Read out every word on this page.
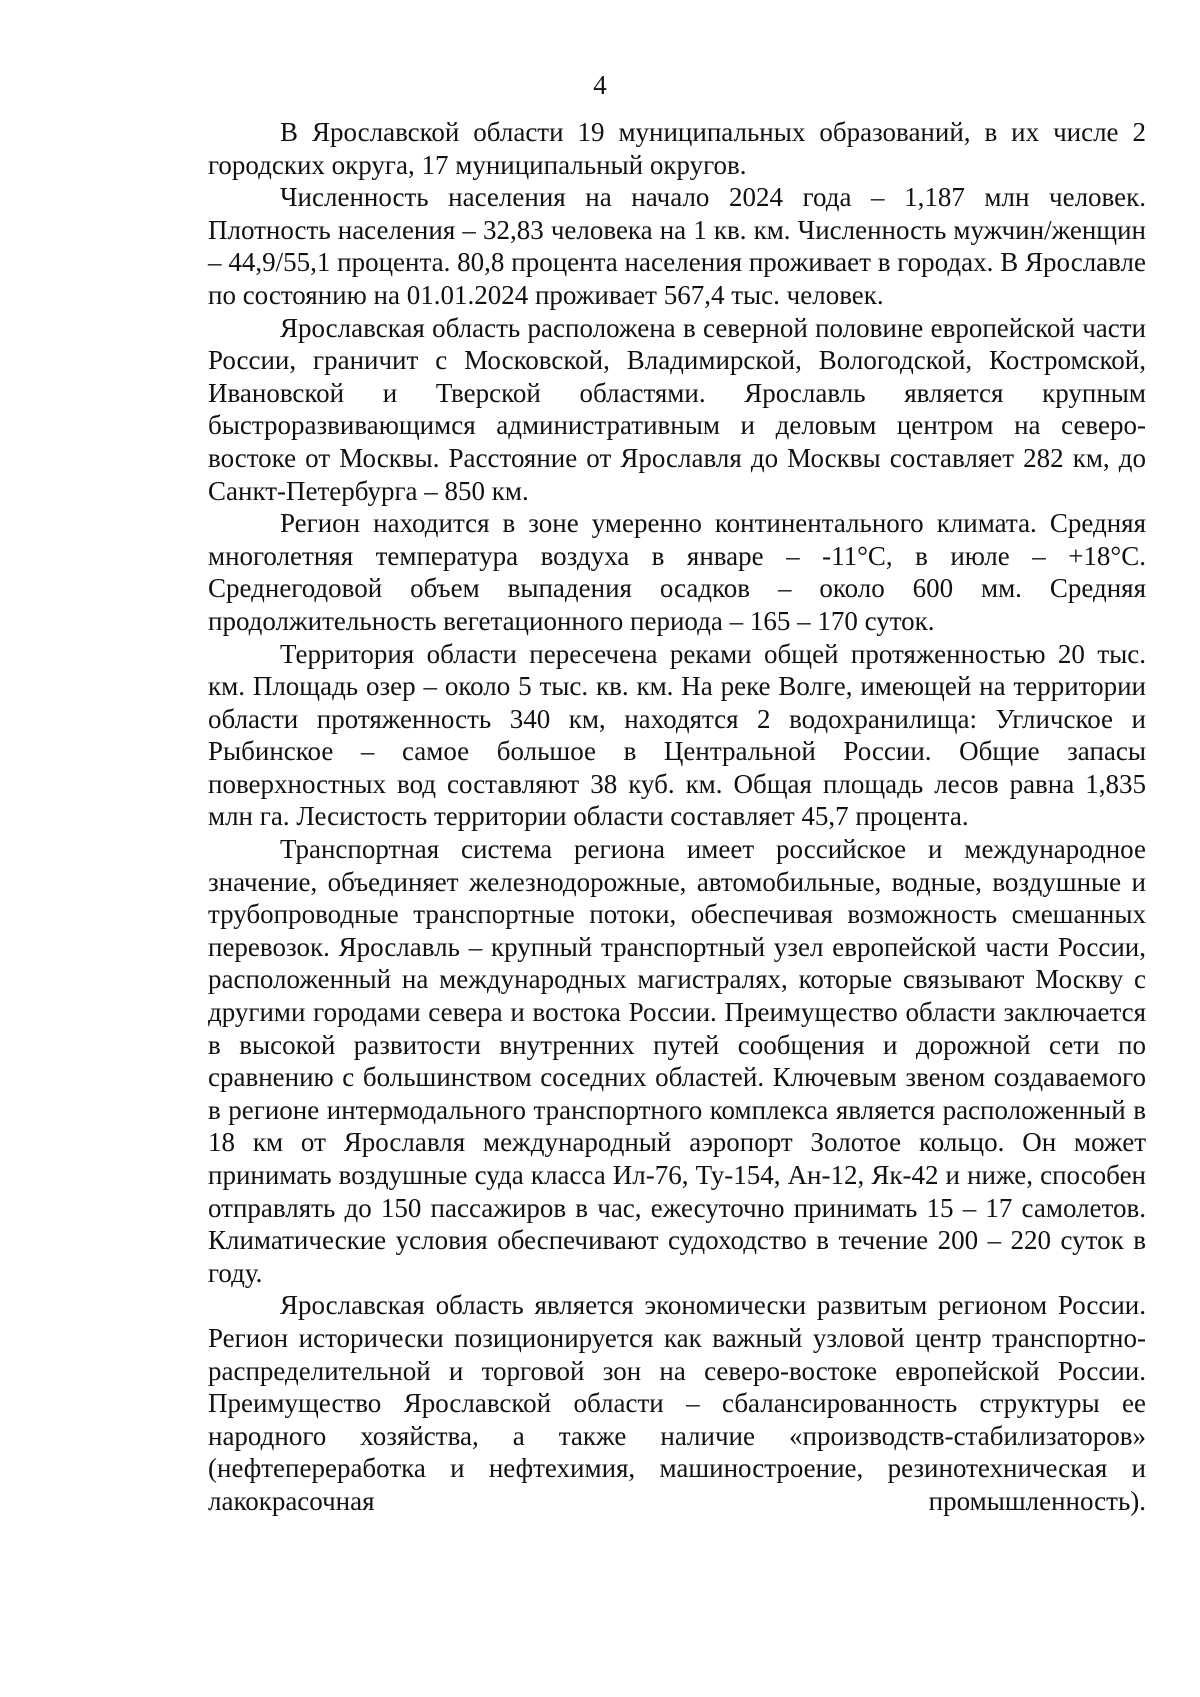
4

В Ярославской области 19 муниципальных образований, в их числе 2 городских округа, 17 муниципальный округов.

Численность населения на начало 2024 года – 1,187 млн человек. Плотность населения – 32,83 человека на 1 кв. км. Численность мужчин/женщин – 44,9/55,1 процента. 80,8 процента населения проживает в городах. В Ярославле по состоянию на 01.01.2024 проживает 567,4 тыс. человек.

Ярославская область расположена в северной половине европейской части России, граничит с Московской, Владимирской, Вологодской, Костромской, Ивановской и Тверской областями. Ярославль является крупным быстроразвивающимся административным и деловым центром на северо-востоке от Москвы. Расстояние от Ярославля до Москвы составляет 282 км, до Санкт-Петербурга – 850 км.

Регион находится в зоне умеренно континентального климата. Средняя многолетняя температура воздуха в январе – -11°С, в июле – +18°С. Среднегодовой объем выпадения осадков – около 600 мм. Средняя продолжительность вегетационного периода – 165 – 170 суток.

Территория области пересечена реками общей протяженностью 20 тыс. км. Площадь озер – около 5 тыс. кв. км. На реке Волге, имеющей на территории области протяженность 340 км, находятся 2 водохранилища: Угличское и Рыбинское – самое большое в Центральной России. Общие запасы поверхностных вод составляют 38 куб. км. Общая площадь лесов равна 1,835 млн га. Лесистость территории области составляет 45,7 процента.

Транспортная система региона имеет российское и международное значение, объединяет железнодорожные, автомобильные, водные, воздушные и трубопроводные транспортные потоки, обеспечивая возможность смешанных перевозок. Ярославль – крупный транспортный узел европейской части России, расположенный на международных магистралях, которые связывают Москву с другими городами севера и востока России. Преимущество области заключается в высокой развитости внутренних путей сообщения и дорожной сети по сравнению с большинством соседних областей. Ключевым звеном создаваемого в регионе интермодального транспортного комплекса является расположенный в 18 км от Ярославля международный аэропорт Золотое кольцо. Он может принимать воздушные суда класса Ил-76, Ту-154, Ан-12, Як-42 и ниже, способен отправлять до 150 пассажиров в час, ежесуточно принимать 15 – 17 самолетов. Климатические условия обеспечивают судоходство в течение 200 – 220 суток в году.

Ярославская область является экономически развитым регионом России. Регион исторически позиционируется как важный узловой центр транспортно-распределительной и торговой зон на северо-востоке европейской России. Преимущество Ярославской области – сбалансированность структуры ее народного хозяйства, а также наличие «производств-стабилизаторов» (нефтепереработка и нефтехимия, машиностроение, резинотехническая и лакокрасочная промышленность).
